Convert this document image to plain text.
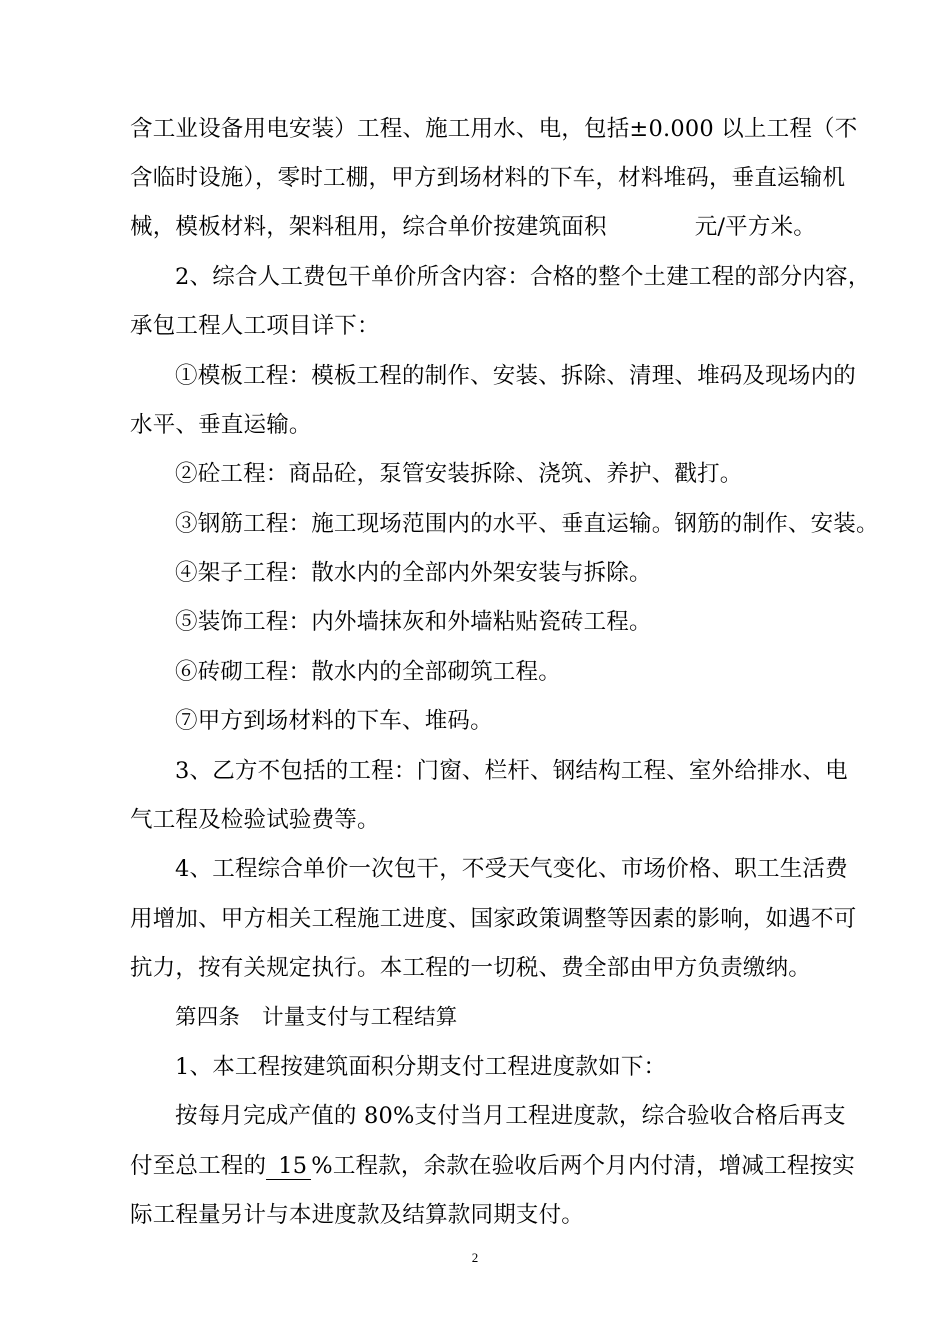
含工业设备用电安装）工程、施工用水、电，包括±0.000 以上工程（不
含临时设施），零时工棚，甲方到场材料的下车，材料堆码，垂直运输机
械，模板材料，架料租用，综合单价按建筑面积	元/平方米。
2、综合人工费包干单价所含内容：合格的整个土建工程的部分内容，
承包工程人工项目详下：
①模板工程：模板工程的制作、安装、拆除、清理、堆码及现场内的
水平、垂直运输。
②砼工程：商品砼，泵管安装拆除、浇筑、养护、戳打。
③钢筋工程：施工现场范围内的水平、垂直运输。钢筋的制作、安装。
④架子工程：散水内的全部内外架安装与拆除。
⑤装饰工程：内外墙抹灰和外墙粘贴瓷砖工程。
⑥砖砌工程：散水内的全部砌筑工程。
⑦甲方到场材料的下车、堆码。
3、乙方不包括的工程：门窗、栏杆、钢结构工程、室外给排水、电
气工程及检验试验费等。
4、工程综合单价一次包干，不受天气变化、市场价格、职工生活费
用增加、甲方相关工程施工进度、国家政策调整等因素的影响，如遇不可
抗力，按有关规定执行。本工程的一切税、费全部由甲方负责缴纳。
第四条 计量支付与工程结算
1、本工程按建筑面积分期支付工程进度款如下：
按每月完成产值的 80%支付当月工程进度款，综合验收合格后再支
付至总工程的 15 %工程款，余款在验收后两个月内付清，增减工程按实
际工程量另计与本进度款及结算款同期支付。
2
